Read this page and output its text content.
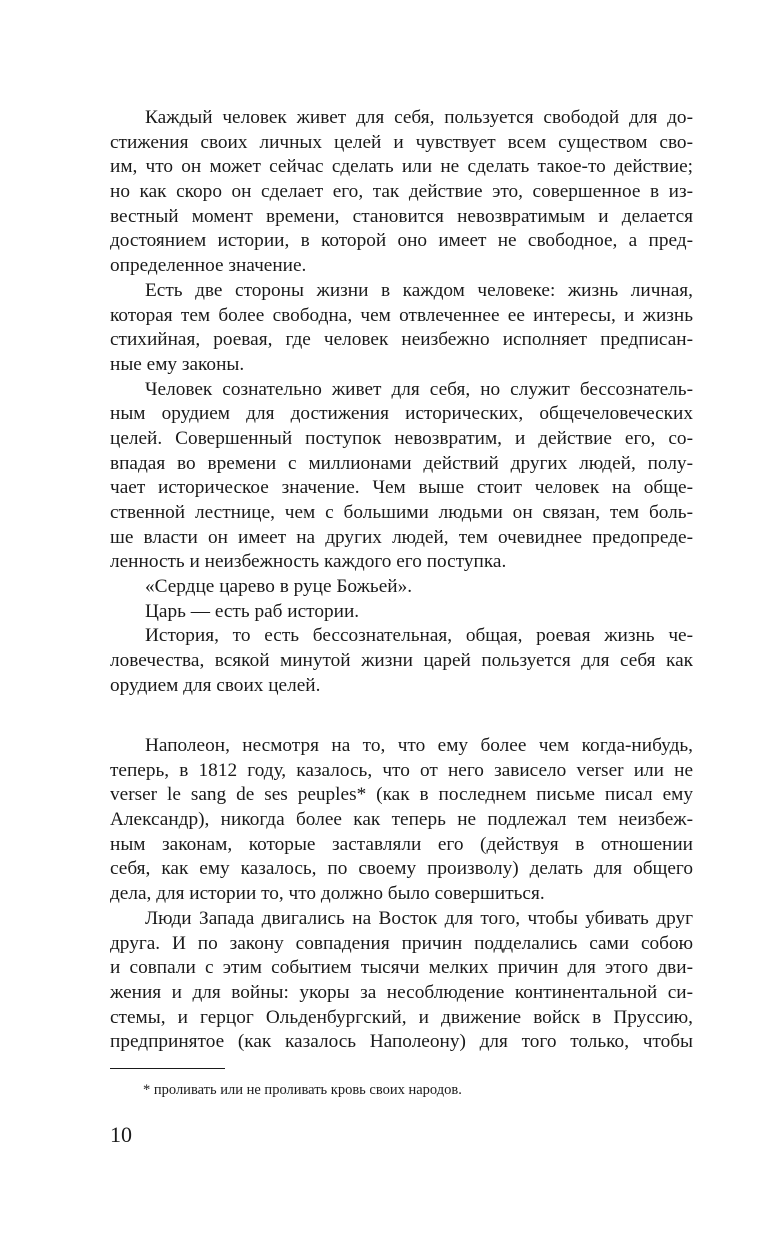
Каждый человек живет для себя, пользуется свободой для до-
стижения своих личных целей и чувствует всем существом сво-
им, что он может сейчас сделать или не сделать такое-то действие;
но как скоро он сделает его, так действие это, совершенное в из-
вестный момент времени, становится невозвратимым и делается
достоянием истории, в которой оно имеет не свободное, а пред-
определенное значение.
Есть две стороны жизни в каждом человеке: жизнь личная,
которая тем более свободна, чем отвлеченнее ее интересы, и жизнь
стихийная, роевая, где человек неизбежно исполняет предписан-
ные ему законы.
Человек сознательно живет для себя, но служит бессознатель-
ным орудием для достижения исторических, общечеловеческих
целей. Совершенный поступок невозвратим, и действие его, со-
впадая во времени с миллионами действий других людей, полу-
чает историческое значение. Чем выше стоит человек на обще-
ственной лестнице, чем с большими людьми он связан, тем боль-
ше власти он имеет на других людей, тем очевиднее предопреде-
ленность и неизбежность каждого его поступка.
«Сердце царево в руце Божьей».
Царь — есть раб истории.
История, то есть бессознательная, общая, роевая жизнь че-
ловечества, всякой минутой жизни царей пользуется для себя как
орудием для своих целей.
Наполеон, несмотря на то, что ему более чем когда-нибудь,
теперь, в 1812 году, казалось, что от него зависело verser или не
verser le sang de ses peuples* (как в последнем письме писал ему
Александр), никогда более как теперь не подлежал тем неизбеж-
ным законам, которые заставляли его (действуя в отношении
себя, как ему казалось, по своему произволу) делать для общего
дела, для истории то, что должно было совершиться.
Люди Запада двигались на Восток для того, чтобы убивать друг
друга. И по закону совпадения причин подделались сами собою
и совпали с этим событием тысячи мелких причин для этого дви-
жения и для войны: укоры за несоблюдение континентальной си-
стемы, и герцог Ольденбургский, и движение войск в Пруссию,
предпринятое (как казалось Наполеону) для того только, чтобы
* проливать или не проливать кровь своих народов.
10
